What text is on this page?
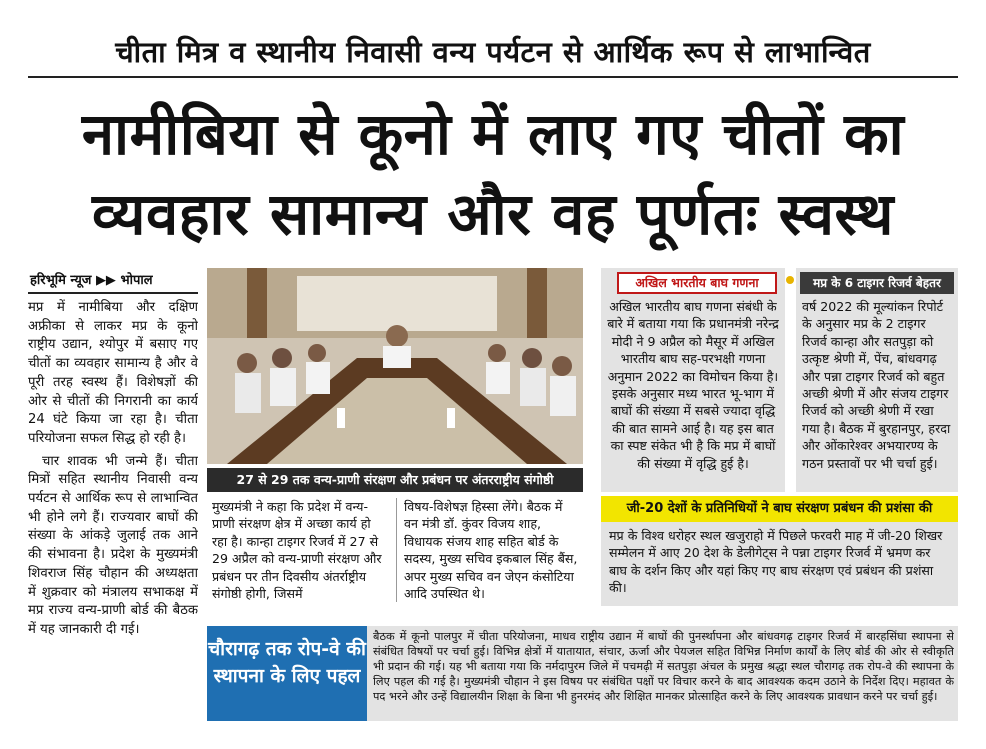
चीता मित्र व स्थानीय निवासी वन्य पर्यटन से आर्थिक रूप से लाभान्वित
नामीबिया से कूनो में लाए गए चीतों का
व्यवहार सामान्य और वह पूर्णतः स्वस्थ
हरिभूमि न्यूज ▶▶ भोपाल

मप्र में नामीबिया और दक्षिण अफ्रीका से लाकर मप्र के कूनो राष्ट्रीय उद्यान, श्योपुर में बसाए गए चीतों का व्यवहार सामान्य है और वे पूरी तरह स्वस्थ हैं। विशेषज्ञों की ओर से चीतों की निगरानी का कार्य 24 घंटे किया जा रहा है। चीता परियोजना सफल सिद्ध हो रही है।

चार शावक भी जन्मे हैं। चीता मित्रों सहित स्थानीय निवासी वन्य पर्यटन से आर्थिक रूप से लाभान्वित भी होने लगे हैं। राज्यवार बाघों की संख्या के आंकड़े जुलाई तक आने की संभावना है। प्रदेश के मुख्यमंत्री शिवराज सिंह चौहान की अध्यक्षता में शुक्रवार को मंत्रालय सभाकक्ष में मप्र राज्य वन्य-प्राणी बोर्ड की बैठक में यह जानकारी दी गई।

27 से 29 तक वन्य-प्राणी संरक्षण और प्रबंधन पर अंतरराष्ट्रीय संगोष्ठी
मुख्यमंत्री ने कहा कि प्रदेश में वन्य-प्राणी संरक्षण क्षेत्र में अच्छा कार्य हो रहा है। कान्हा टाइगर रिजर्व में 27 से 29 अप्रैल को वन्य-प्राणी संरक्षण और प्रबंधन पर तीन दिवसीय अंतर्राष्ट्रीय संगोष्ठी होगी, जिसमें
विषय-विशेषज्ञ हिस्सा लेंगे। बैठक में वन मंत्री डॉ. कुंवर विजय शाह, विधायक संजय शाह सहित बोर्ड के सदस्य, मुख्य सचिव इकबाल सिंह बैंस, अपर मुख्य सचिव वन जेएन कंसोटिया आदि उपस्थित थे।
अखिल भारतीय बाघ गणना
अखिल भारतीय बाघ गणना संबंधी के बारे में बताया गया कि प्रधानमंत्री नरेन्द्र मोदी ने 9 अप्रैल को मैसूर में अखिल भारतीय बाघ सह-परभक्षी गणना अनुमान 2022 का विमोचन किया है। इसके अनुसार मध्य भारत भू-भाग में बाघों की संख्या में सबसे ज्यादा वृद्धि की बात सामने आई है। यह इस बात का स्पष्ट संकेत भी है कि मप्र में बाघों की संख्या में वृद्धि हुई है।
मप्र के 6 टाइगर रिजर्व बेहतर
वर्ष 2022 की मूल्यांकन रिपोर्ट के अनुसार मप्र के 2 टाइगर रिजर्व कान्हा और सतपुड़ा को उत्कृष्ट श्रेणी में, पेंच, बांधवगढ़ और पन्ना टाइगर रिजर्व को बहुत अच्छी श्रेणी में और संजय टाइगर रिजर्व को अच्छी श्रेणी में रखा गया है। बैठक में बुरहानपुर, हरदा और ओंकारेश्वर अभयारण्य के गठन प्रस्तावों पर भी चर्चा हुई।
जी-20 देशों के प्रतिनिधियों ने बाघ संरक्षण प्रबंधन की प्रशंसा की
मप्र के विश्व धरोहर स्थल खजुराहो में पिछले फरवरी माह में जी-20 शिखर सम्मेलन में आए 20 देश के डेलीगेट्स ने पन्ना टाइगर रिजर्व में भ्रमण कर बाघ के दर्शन किए और यहां किए गए बाघ संरक्षण एवं प्रबंधन की प्रशंसा की।
चौरागढ़ तक रोप-वे की स्थापना के लिए पहल
बैठक में कूनो पालपुर में चीता परियोजना, माधव राष्ट्रीय उद्यान में बाघों की पुनर्स्थापना और बांधवगढ़ टाइगर रिजर्व में बारहसिंघा स्थापना से संबंधित विषयों पर चर्चा हुई। विभिन्न क्षेत्रों में यातायात, संचार, ऊर्जा और पेयजल सहित विभिन्न निर्माण कार्यों के लिए बोर्ड की ओर से स्वीकृति भी प्रदान की गई। यह भी बताया गया कि नर्मदापुरम जिले में पचमढ़ी में सतपुड़ा अंचल के प्रमुख श्रद्धा स्थल चौरागढ़ तक रोप-वे की स्थापना के लिए पहल की गई है। मुख्यमंत्री चौहान ने इस विषय पर संबंधित पक्षों पर विचार करने के बाद आवश्यक कदम उठाने के निर्देश दिए। महावत के पद भरने और उन्हें विद्यालयीन शिक्षा के बिना भी हुनरमंद और शिक्षित मानकर प्रोत्साहित करने के लिए आवश्यक प्रावधान करने पर चर्चा हुई।
